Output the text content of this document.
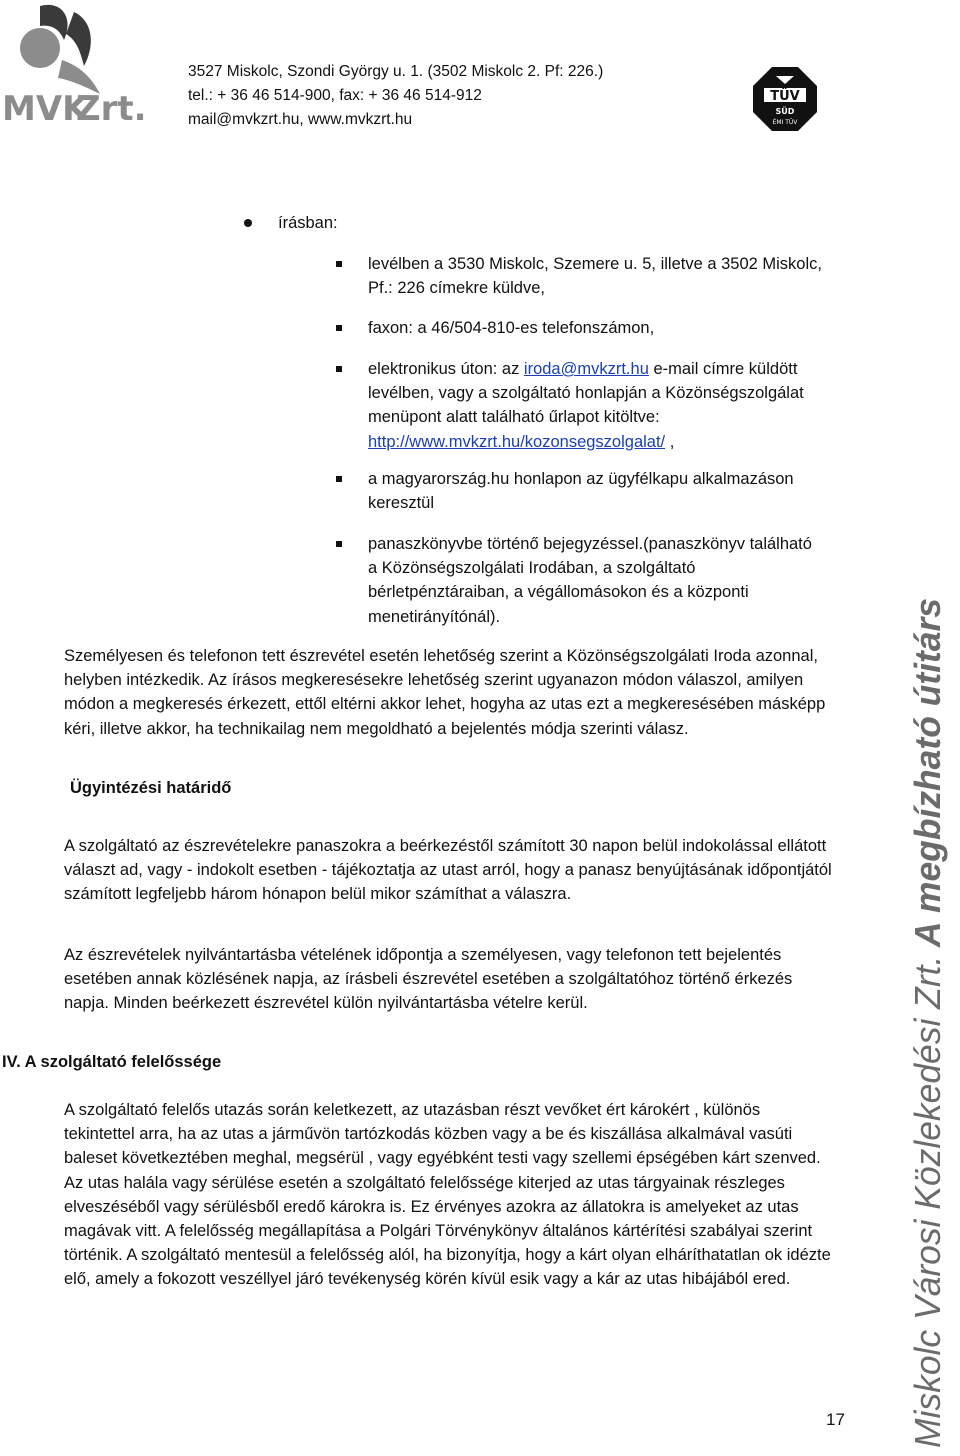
MVK
Zrt.
3527 Miskolc, Szondi György u. 1. (3502 Miskolc 2. Pf: 226.)
tel.: + 36 46 514-900, fax: + 36 46 514-912
mail@mvkzrt.hu, www.mvkzrt.hu
TÜV
SÜD
ÉMI TÜV
írásban:
levélben a 3530 Miskolc, Szemere u. 5, illetve a 3502 Miskolc,
Pf.: 226 címekre küldve,
faxon: a 46/504-810-es telefonszámon,
elektronikus úton: az iroda@mvkzrt.hu e-mail címre küldött
levélben, vagy a szolgáltató honlapján a Közönségszolgálat
menüpont alatt található űrlapot kitöltve:
http://www.mvkzrt.hu/kozonsegszolgalat/ ,
a magyarország.hu honlapon az ügyfélkapu alkalmazáson
keresztül
panaszkönyvbe történő bejegyzéssel.(panaszkönyv található
a Közönségszolgálati Irodában, a szolgáltató
bérletpénztáraiban, a végállomásokon és a központi
menetirányítónál).
Személyesen és telefonon tett észrevétel esetén lehetőség szerint a Közönségszolgálati Iroda azonnal,
helyben intézkedik. Az írásos megkeresésekre lehetőség szerint ugyanazon módon válaszol, amilyen
módon a megkeresés érkezett, ettől eltérni akkor lehet, hogyha az utas ezt a megkeresésében másképp
kéri, illetve akkor, ha technikailag nem megoldható a bejelentés módja szerinti válasz.
Ügyintézési határidő
A szolgáltató az észrevételekre panaszokra a beérkezéstől számított 30 napon belül indokolással ellátott
választ ad, vagy - indokolt esetben - tájékoztatja az utast arról, hogy a panasz benyújtásának időpontjától
számított legfeljebb három hónapon belül mikor számíthat a válaszra.
Az észrevételek nyilvántartásba vételének időpontja a személyesen, vagy telefonon tett bejelentés
esetében annak közlésének napja, az írásbeli észrevétel esetében a szolgáltatóhoz történő érkezés
napja. Minden beérkezett észrevétel külön nyilvántartásba vételre kerül.
IV. A szolgáltató felelőssége
A szolgáltató felelős utazás során keletkezett, az utazásban részt vevőket ért károkért , különös
tekintettel arra, ha az utas a járművön tartózkodás közben vagy a be és kiszállása alkalmával vasúti
baleset következtében meghal, megsérül , vagy egyébként testi vagy szellemi épségében kárt szenved.
Az utas halála vagy sérülése esetén a szolgáltató felelőssége kiterjed az utas tárgyainak részleges
elveszéséből vagy sérülésből eredő károkra is. Ez érvényes azokra az állatokra is amelyeket az utas
magávak vitt. A felelősség megállapítása a Polgári Törvénykönyv általános kártérítési szabályai szerint
történik. A szolgáltató mentesül a felelősség alól, ha bizonyítja, hogy a kárt olyan elháríthatatlan ok idézte
elő, amely a fokozott veszéllyel járó tevékenység körén kívül esik vagy a kár az utas hibájából ered.	Miskolc Városi Közlekedési Zrt. A megbízható útitárs
17
